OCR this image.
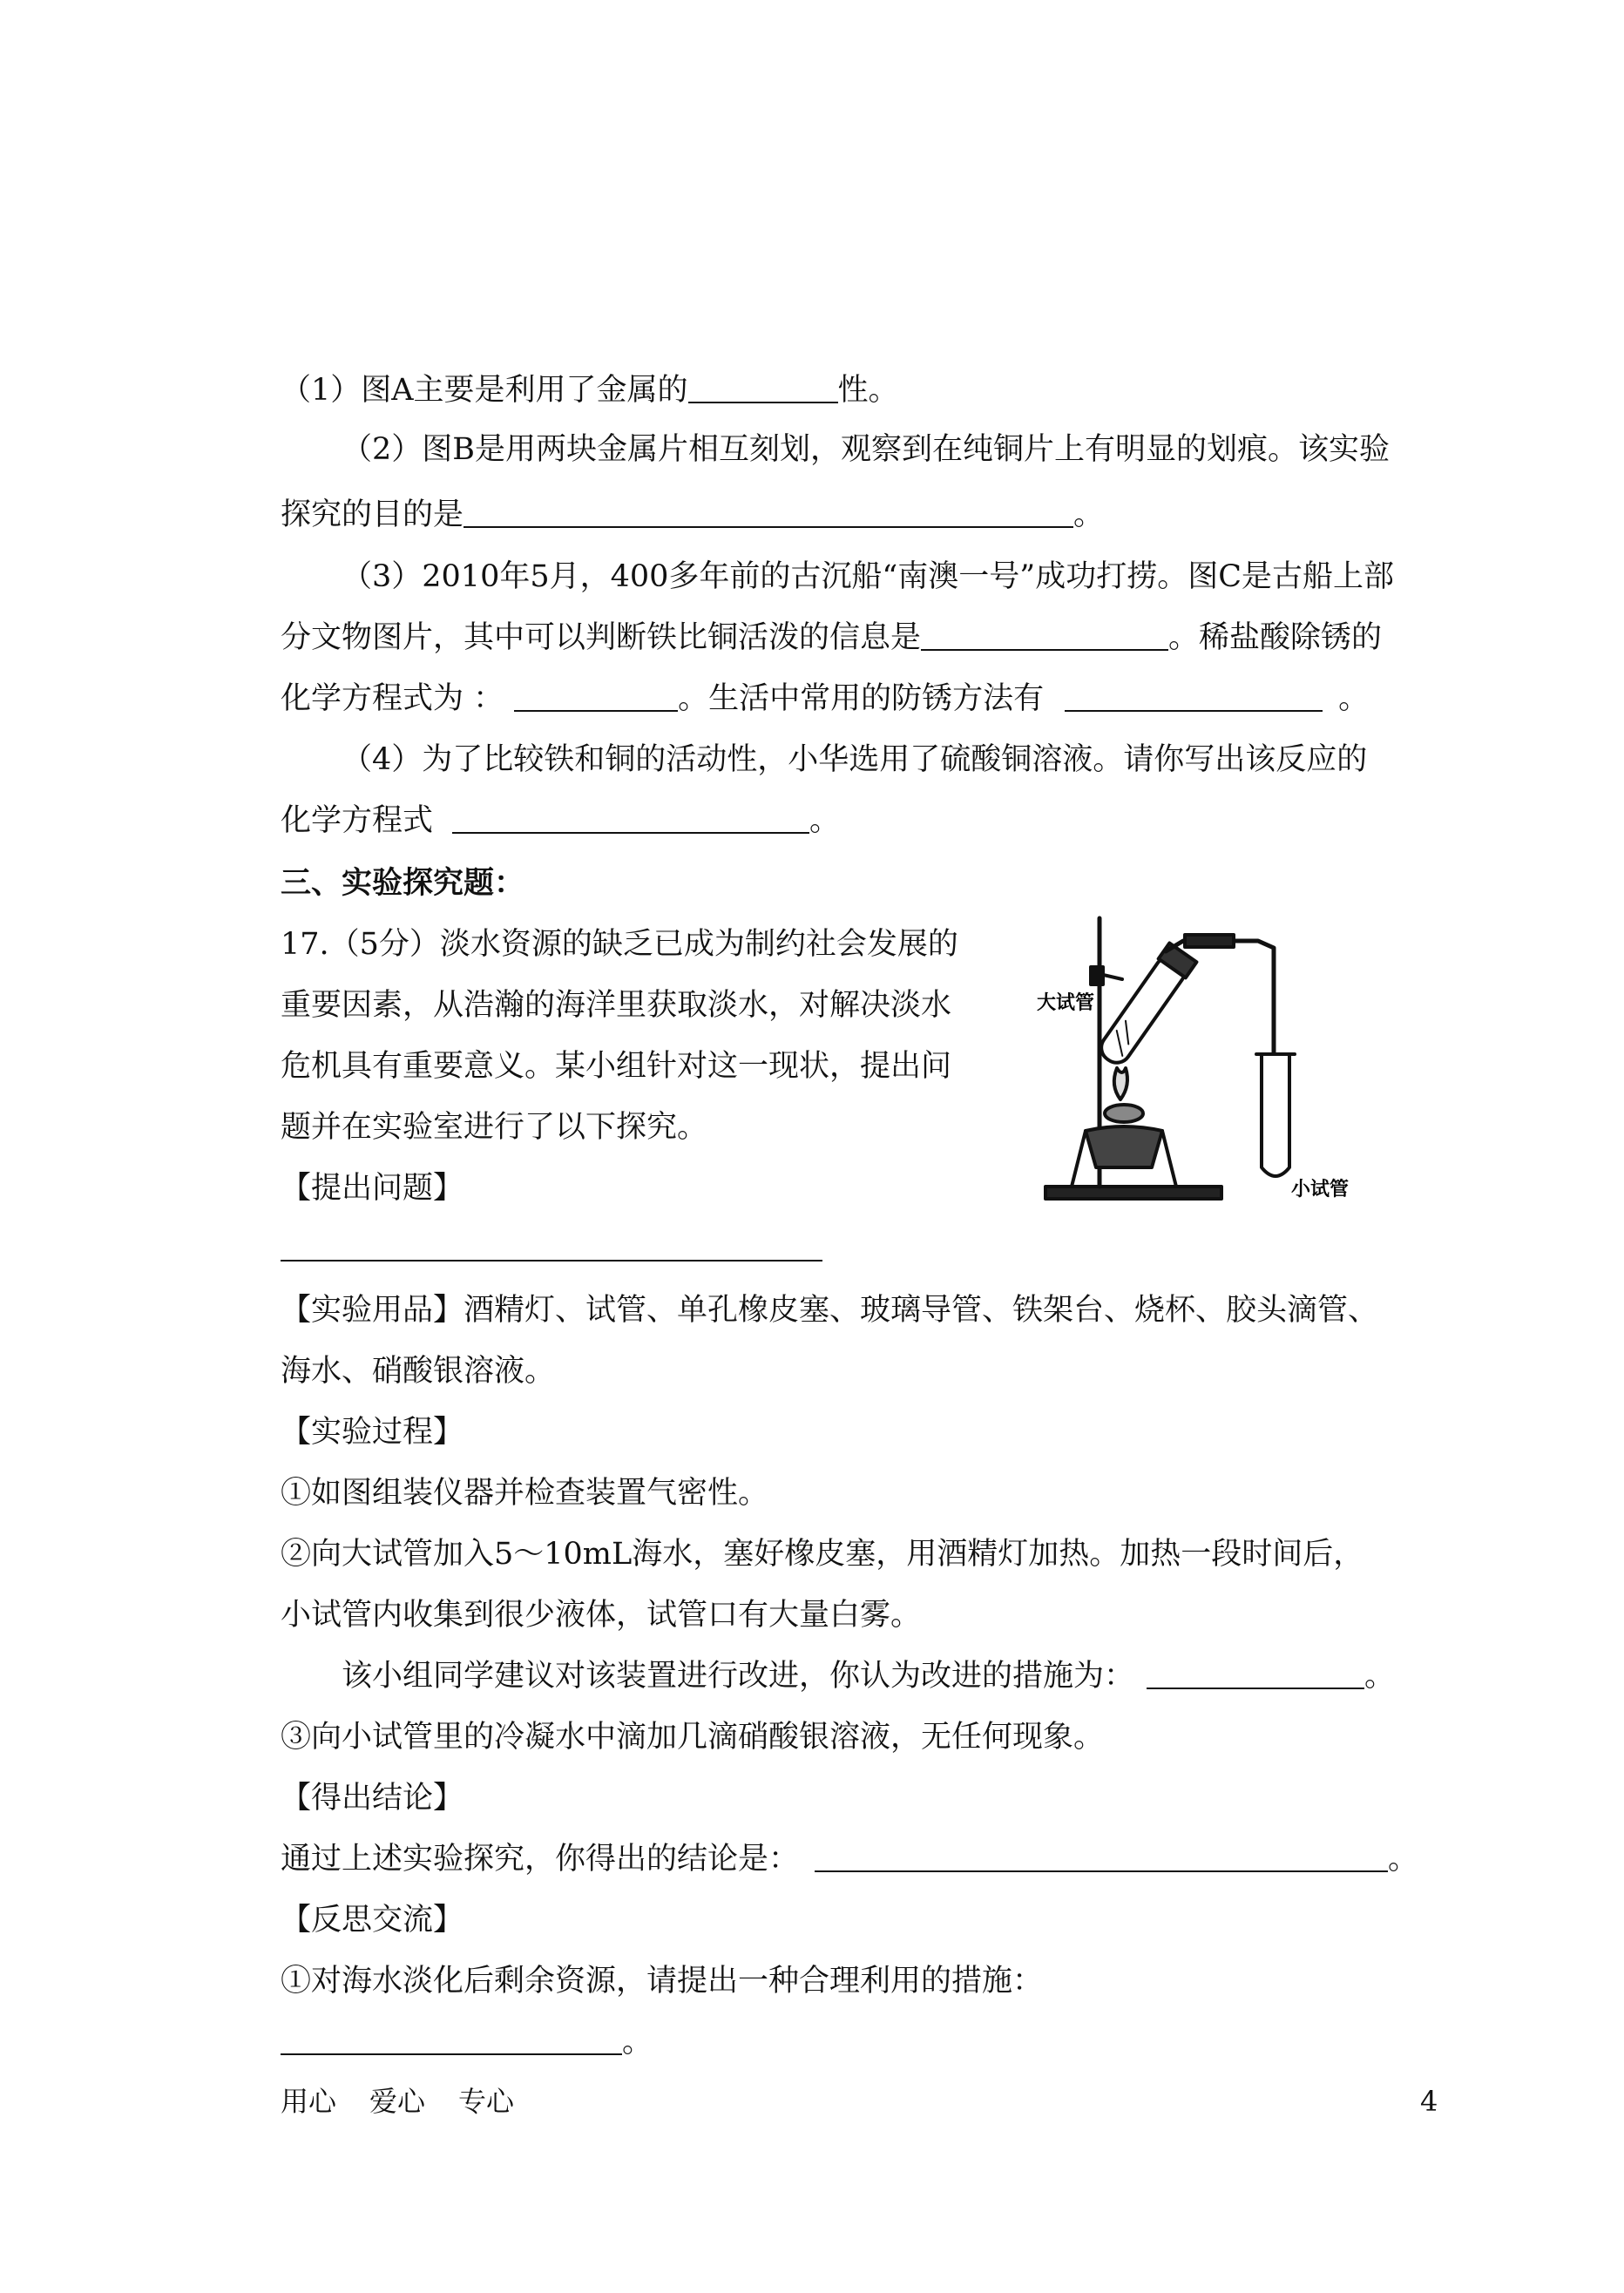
（1）图A主要是利用了金属的	性。
（2）图B是用两块金属片相互刻划，观察到在纯铜片上有明显的划痕。该实验
探究的目的是	。
（3）2010年5月，400多年前的古沉船“南澳一号”成功打捞。图C是古船上部
分文物图片，其中可以判断铁比铜活泼的信息是	。稀盐酸除锈的
化学方程式为 ：	。生活中常用的防锈方法有	。
（4）为了比较铁和铜的活动性，小华选用了硫酸铜溶液。请你写出该反应的
化学方程式	。
三、实验探究题：
17.（5分）淡水资源的缺乏已成为制约社会发展的
重要因素，从浩瀚的海洋里获取淡水，对解决淡水
危机具有重要意义。某小组针对这一现状，提出问
题并在实验室进行了以下探究。
【提出问题】
大试管
小试管
【实验用品】酒精灯、试管、单孔橡皮塞、玻璃导管、铁架台、烧杯、胶头滴管、
海水、硝酸银溶液。
【实验过程】
①如图组装仪器并检查装置气密性。
②向大试管加入5～10mL海水，塞好橡皮塞，用酒精灯加热。加热一段时间后，
小试管内收集到很少液体，试管口有大量白雾。
该小组同学建议对该装置进行改进，你认为改进的措施为：	。
③向小试管里的冷凝水中滴加几滴硝酸银溶液，无任何现象。
【得出结论】
通过上述实验探究，你得出的结论是：	。
【反思交流】
①对海水淡化后剩余资源，请提出一种合理利用的措施：
。
用心 爱心 专心	4
